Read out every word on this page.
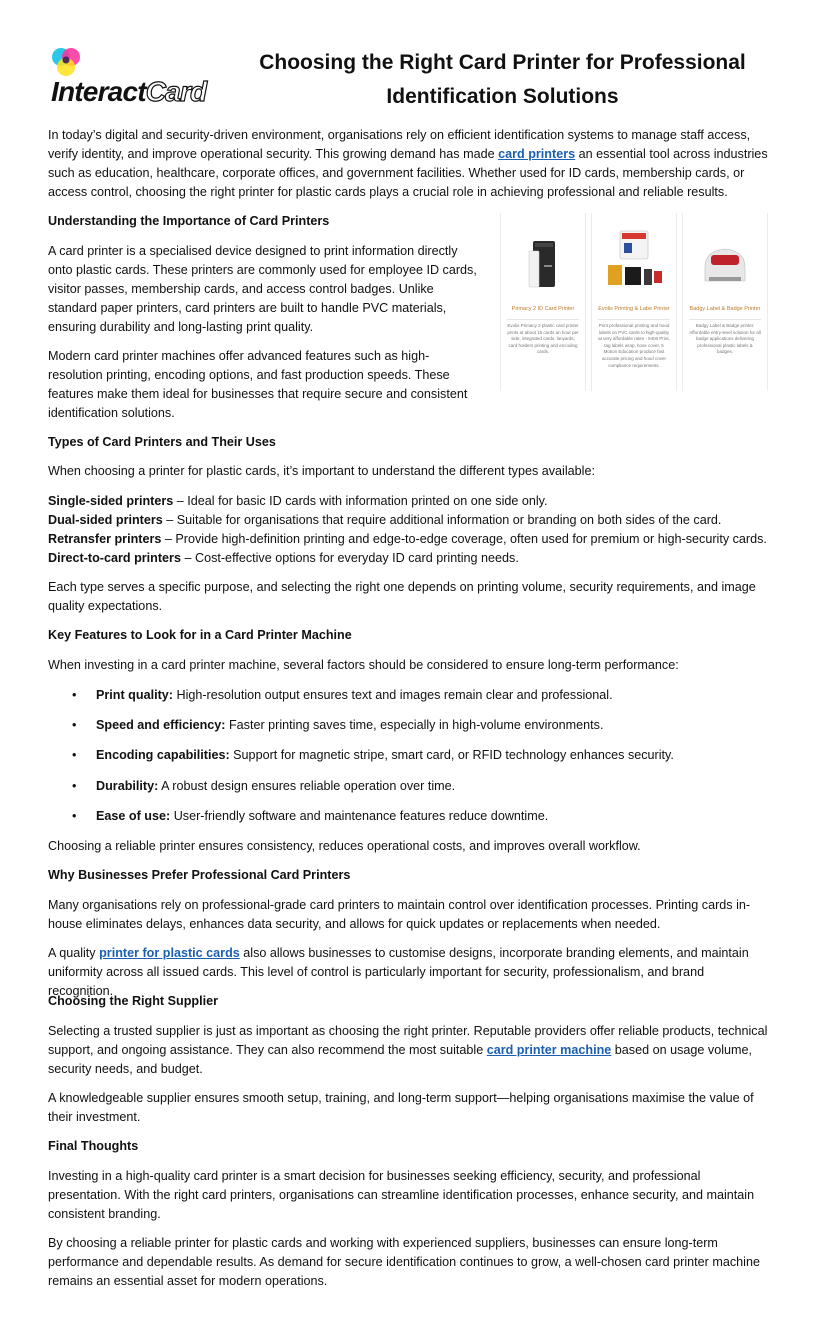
InteractCard
Choosing the Right Card Printer for Professional Identification Solutions

In today’s digital and security-driven environment, organisations rely on efficient identification systems to manage staff access, verify identity, and improve operational security. This growing demand has made card printers an essential tool across industries such as education, healthcare, corporate offices, and government facilities. Whether used for ID cards, membership cards, or access control, choosing the right printer for plastic cards plays a crucial role in achieving professional and reliable results.

Understanding the Importance of Card Printers

A card printer is a specialised device designed to print information directly onto plastic cards. These printers are commonly used for employee ID cards, visitor passes, membership cards, and access control badges. Unlike standard paper printers, card printers are built to handle PVC materials, ensuring durability and long-lasting print quality.

Modern card printer machines offer advanced features such as high-resolution printing, encoding options, and fast production speeds. These features make them ideal for businesses that require secure and consistent identification solutions.

Primacy 2 ID Card Printer
Evolis Primacy 2 plastic card printer prints at about 15 cards an hour per side; integrated cards, lanyards, card holders printing and encoding cards.
Evolis Printing & Labe Printer
Print professional printing and hood labels on PVC cards to high-quality at very affordable rates - 5400 Print, tag labels wrap, hose cover, 5 Motion Education produce fast accurate pricing and hood cover compliance requirements.
Badgy Label & Badge Printer
Badgy Label & Badge printer. Affordable entry-level solution for all badge applications delivering professional plastic labels & badges.
Types of Card Printers and Their Uses

When choosing a printer for plastic cards, it’s important to understand the different types available:

Single-sided printers – Ideal for basic ID cards with information printed on one side only.

Dual-sided printers – Suitable for organisations that require additional information or branding on both sides of the card.

Retransfer printers – Provide high-definition printing and edge-to-edge coverage, often used for premium or high-security cards.

Direct-to-card printers – Cost-effective options for everyday ID card printing needs.

Each type serves a specific purpose, and selecting the right one depends on printing volume, security requirements, and image quality expectations.

Key Features to Look for in a Card Printer Machine

When investing in a card printer machine, several factors should be considered to ensure long-term performance:

• Print quality: High-resolution output ensures text and images remain clear and professional.
• Speed and efficiency: Faster printing saves time, especially in high-volume environments.
• Encoding capabilities: Support for magnetic stripe, smart card, or RFID technology enhances security.
• Durability: A robust design ensures reliable operation over time.
• Ease of use: User-friendly software and maintenance features reduce downtime.

Choosing a reliable printer ensures consistency, reduces operational costs, and improves overall workflow.

Why Businesses Prefer Professional Card Printers

Many organisations rely on professional-grade card printers to maintain control over identification processes. Printing cards in-house eliminates delays, enhances data security, and allows for quick updates or replacements when needed.

A quality printer for plastic cards also allows businesses to customise designs, incorporate branding elements, and maintain uniformity across all issued cards. This level of control is particularly important for security, professionalism, and brand recognition.

Choosing the Right Supplier

Selecting a trusted supplier is just as important as choosing the right printer. Reputable providers offer reliable products, technical support, and ongoing assistance. They can also recommend the most suitable card printer machine based on usage volume, security needs, and budget.

A knowledgeable supplier ensures smooth setup, training, and long-term support—helping organisations maximise the value of their investment.

Final Thoughts

Investing in a high-quality card printer is a smart decision for businesses seeking efficiency, security, and professional presentation. With the right card printers, organisations can streamline identification processes, enhance security, and maintain consistent branding.

By choosing a reliable printer for plastic cards and working with experienced suppliers, businesses can ensure long-term performance and dependable results. As demand for secure identification continues to grow, a well-chosen card printer machine remains an essential asset for modern operations.
